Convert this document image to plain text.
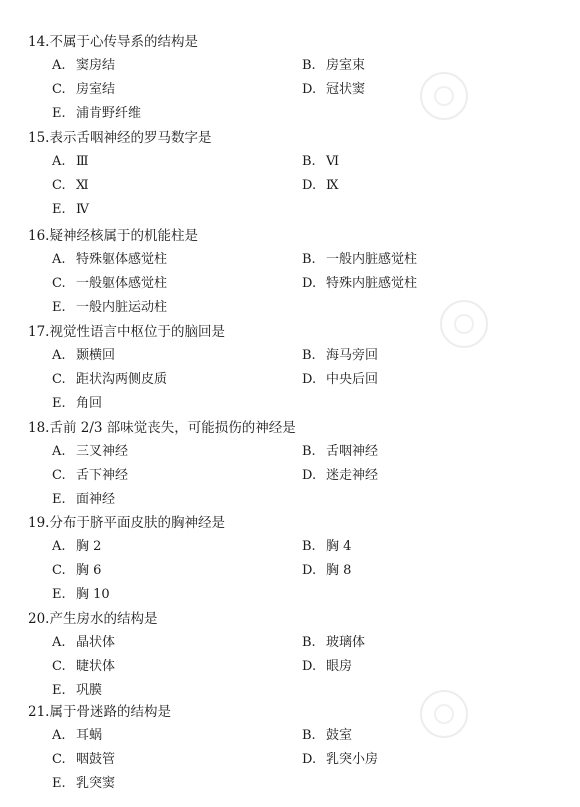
14.不属于心传导系的结构是
A. 窦房结	B. 房室束
C. 房室结	D. 冠状窦
E. 浦肯野纤维
15.表示舌咽神经的罗马数字是
A. Ⅲ	B. Ⅵ
C. Ⅺ	D. Ⅸ
E. Ⅳ
16.疑神经核属于的机能柱是
A. 特殊躯体感觉柱	B. 一般内脏感觉柱
C. 一般躯体感觉柱	D. 特殊内脏感觉柱
E. 一般内脏运动柱
17.视觉性语言中枢位于的脑回是
A. 颞横回	B. 海马旁回
C. 距状沟两侧皮质	D. 中央后回
E. 角回
18.舌前 2/3 部味觉丧失，可能损伤的神经是
A. 三叉神经	B. 舌咽神经
C. 舌下神经	D. 迷走神经
E. 面神经
19.分布于脐平面皮肤的胸神经是
A. 胸 2	B. 胸 4
C. 胸 6	D. 胸 8
E. 胸 10
20.产生房水的结构是
A. 晶状体	B. 玻璃体
C. 睫状体	D. 眼房
E. 巩膜
21.属于骨迷路的结构是
A. 耳蜗	B. 鼓室
C. 咽鼓管	D. 乳突小房
E. 乳突窦
